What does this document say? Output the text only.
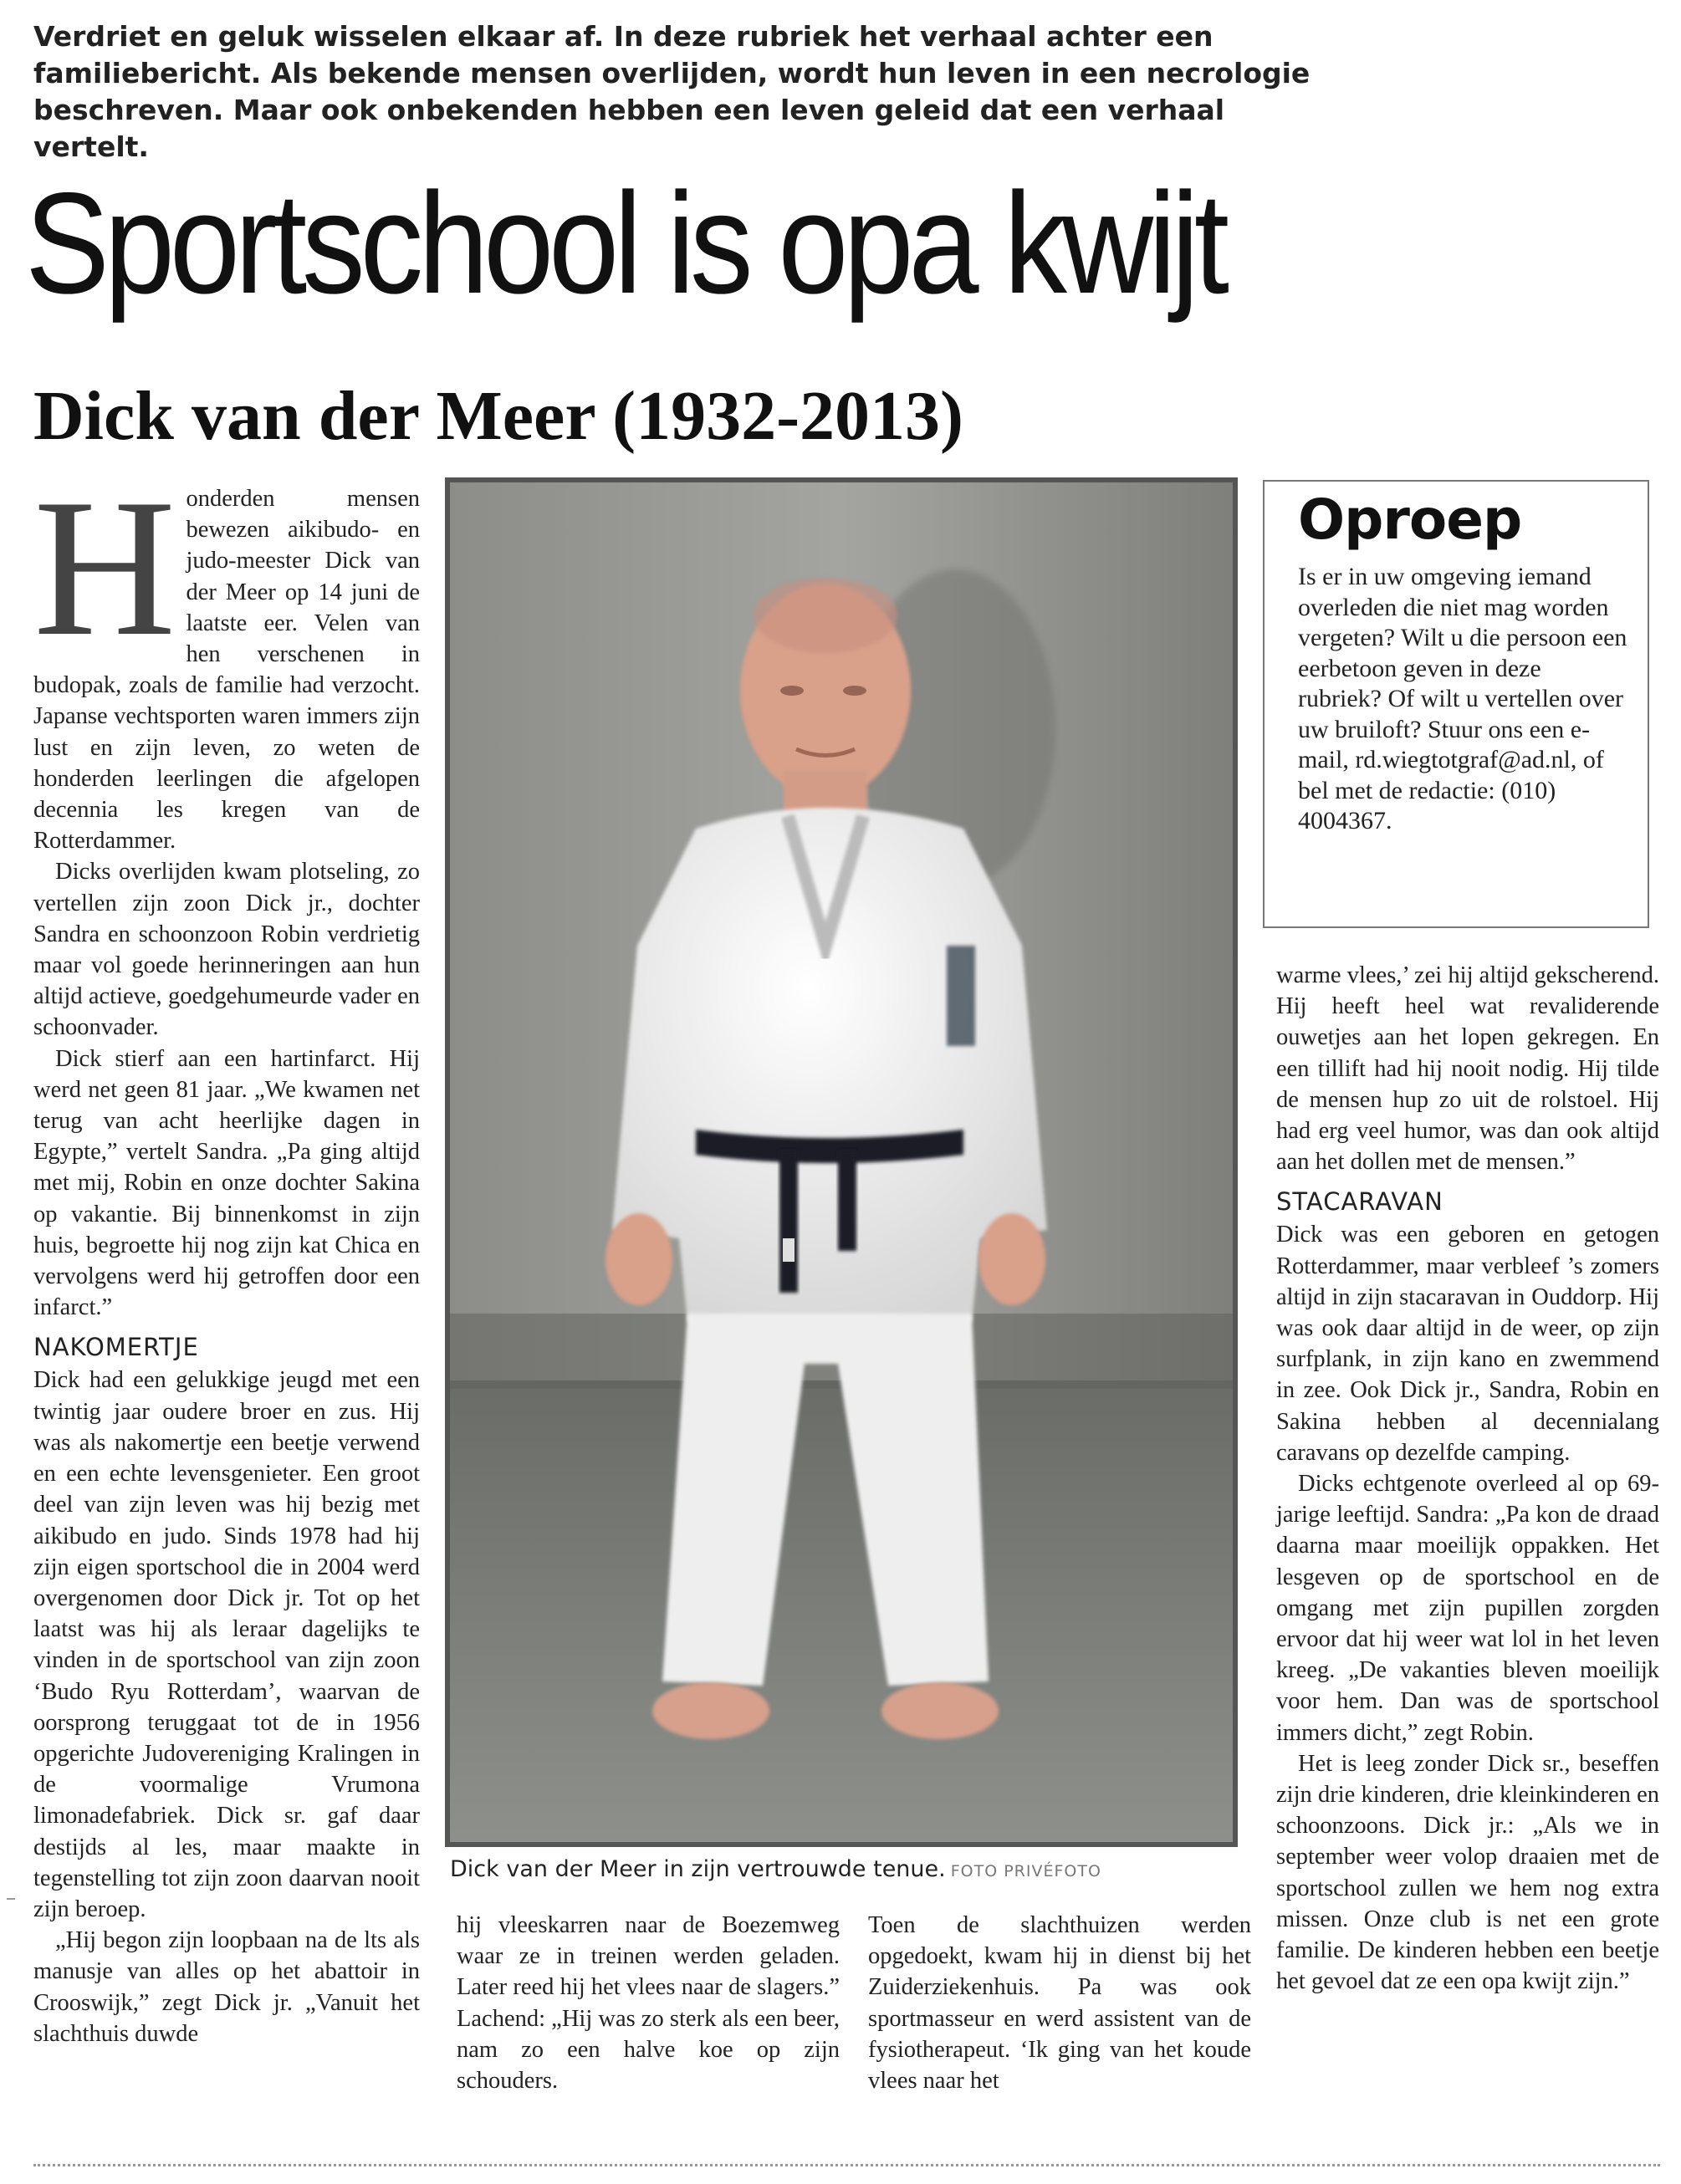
Verdriet en geluk wisselen elkaar af. In deze rubriek het verhaal achter een familiebericht. Als bekende mensen overlijden, wordt hun leven in een necrologie beschreven. Maar ook onbekenden hebben een leven geleid dat een verhaal vertelt.
Sportschool is opa kwijt
Dick van der Meer (1932-2013)
H onderden mensen bewezen aikibudo- en judo-meester Dick van der Meer op 14 juni de laatste eer. Velen van hen verschenen in budopak, zoals de familie had verzocht. Japanse vechtsporten waren immers zijn lust en zijn leven, zo weten de honderden leerlingen die afgelopen decennia les kregen van de Rotterdammer.

Dicks overlijden kwam plotseling, zo vertellen zijn zoon Dick jr., dochter Sandra en schoonzoon Robin verdrietig maar vol goede herinneringen aan hun altijd actieve, goedgehumeurde vader en schoonvader.

Dick stierf aan een hartinfarct. Hij werd net geen 81 jaar. „We kwamen net terug van acht heerlijke dagen in Egypte,” vertelt Sandra. „Pa ging altijd met mij, Robin en onze dochter Sakina op vakantie. Bij binnenkomst in zijn huis, begroette hij nog zijn kat Chica en vervolgens werd hij getroffen door een infarct.”

NAKOMERTJE

Dick had een gelukkige jeugd met een twintig jaar oudere broer en zus. Hij was als nakomertje een beetje verwend en een echte levensgenieter. Een groot deel van zijn leven was hij bezig met aikibudo en judo. Sinds 1978 had hij zijn eigen sportschool die in 2004 werd overgenomen door Dick jr. Tot op het laatst was hij als leraar dagelijks te vinden in de sportschool van zijn zoon ‘Budo Ryu Rotterdam’, waarvan de oorsprong teruggaat tot de in 1956 opgerichte Judovereniging Kralingen in de voormalige Vrumona limonadefabriek. Dick sr. gaf daar destijds al les, maar maakte in tegenstelling tot zijn zoon daarvan nooit zijn beroep.

„Hij begon zijn loopbaan na de lts als manusje van alles op het abattoir in Crooswijk,” zegt Dick jr. „Vanuit het slachthuis duwde

Dick van der Meer in zijn vertrouwde tenue. FOTO PRIVÉFOTO

hij vleeskarren naar de Boezemweg waar ze in treinen werden geladen. Later reed hij het vlees naar de slagers.” Lachend: „Hij was zo sterk als een beer, nam zo een halve koe op zijn schouders.

Toen de slachthuizen werden opgedoekt, kwam hij in dienst bij het Zuiderziekenhuis. Pa was ook sportmasseur en werd assistent van de fysiotherapeut. ‘Ik ging van het koude vlees naar het

Oproep
Is er in uw omgeving iemand overleden die niet mag worden vergeten? Wilt u die persoon een eerbetoon geven in deze rubriek? Of wilt u vertellen over uw bruiloft? Stuur ons een e-mail, rd.wiegtotgraf@ad.nl, of bel met de redactie: (010) 4004367.

warme vlees,’ zei hij altijd gekscherend. Hij heeft heel wat revaliderende ouwetjes aan het lopen gekregen. En een tillift had hij nooit nodig. Hij tilde de mensen hup zo uit de rolstoel. Hij had erg veel humor, was dan ook altijd aan het dollen met de mensen.”

STACARAVAN

Dick was een geboren en getogen Rotterdammer, maar verbleef ’s zomers altijd in zijn stacaravan in Ouddorp. Hij was ook daar altijd in de weer, op zijn surfplank, in zijn kano en zwemmend in zee. Ook Dick jr., Sandra, Robin en Sakina hebben al decennialang caravans op dezelfde camping.

Dicks echtgenote overleed al op 69-jarige leeftijd. Sandra: „Pa kon de draad daarna maar moeilijk oppakken. Het lesgeven op de sportschool en de omgang met zijn pupillen zorgden ervoor dat hij weer wat lol in het leven kreeg. „De vakanties bleven moeilijk voor hem. Dan was de sportschool immers dicht,” zegt Robin.

Het is leeg zonder Dick sr., beseffen zijn drie kinderen, drie kleinkinderen en schoonzoons. Dick jr.: „Als we in september weer volop draaien met de sportschool zullen we hem nog extra missen. Onze club is net een grote familie. De kinderen hebben een beetje het gevoel dat ze een opa kwijt zijn.”
